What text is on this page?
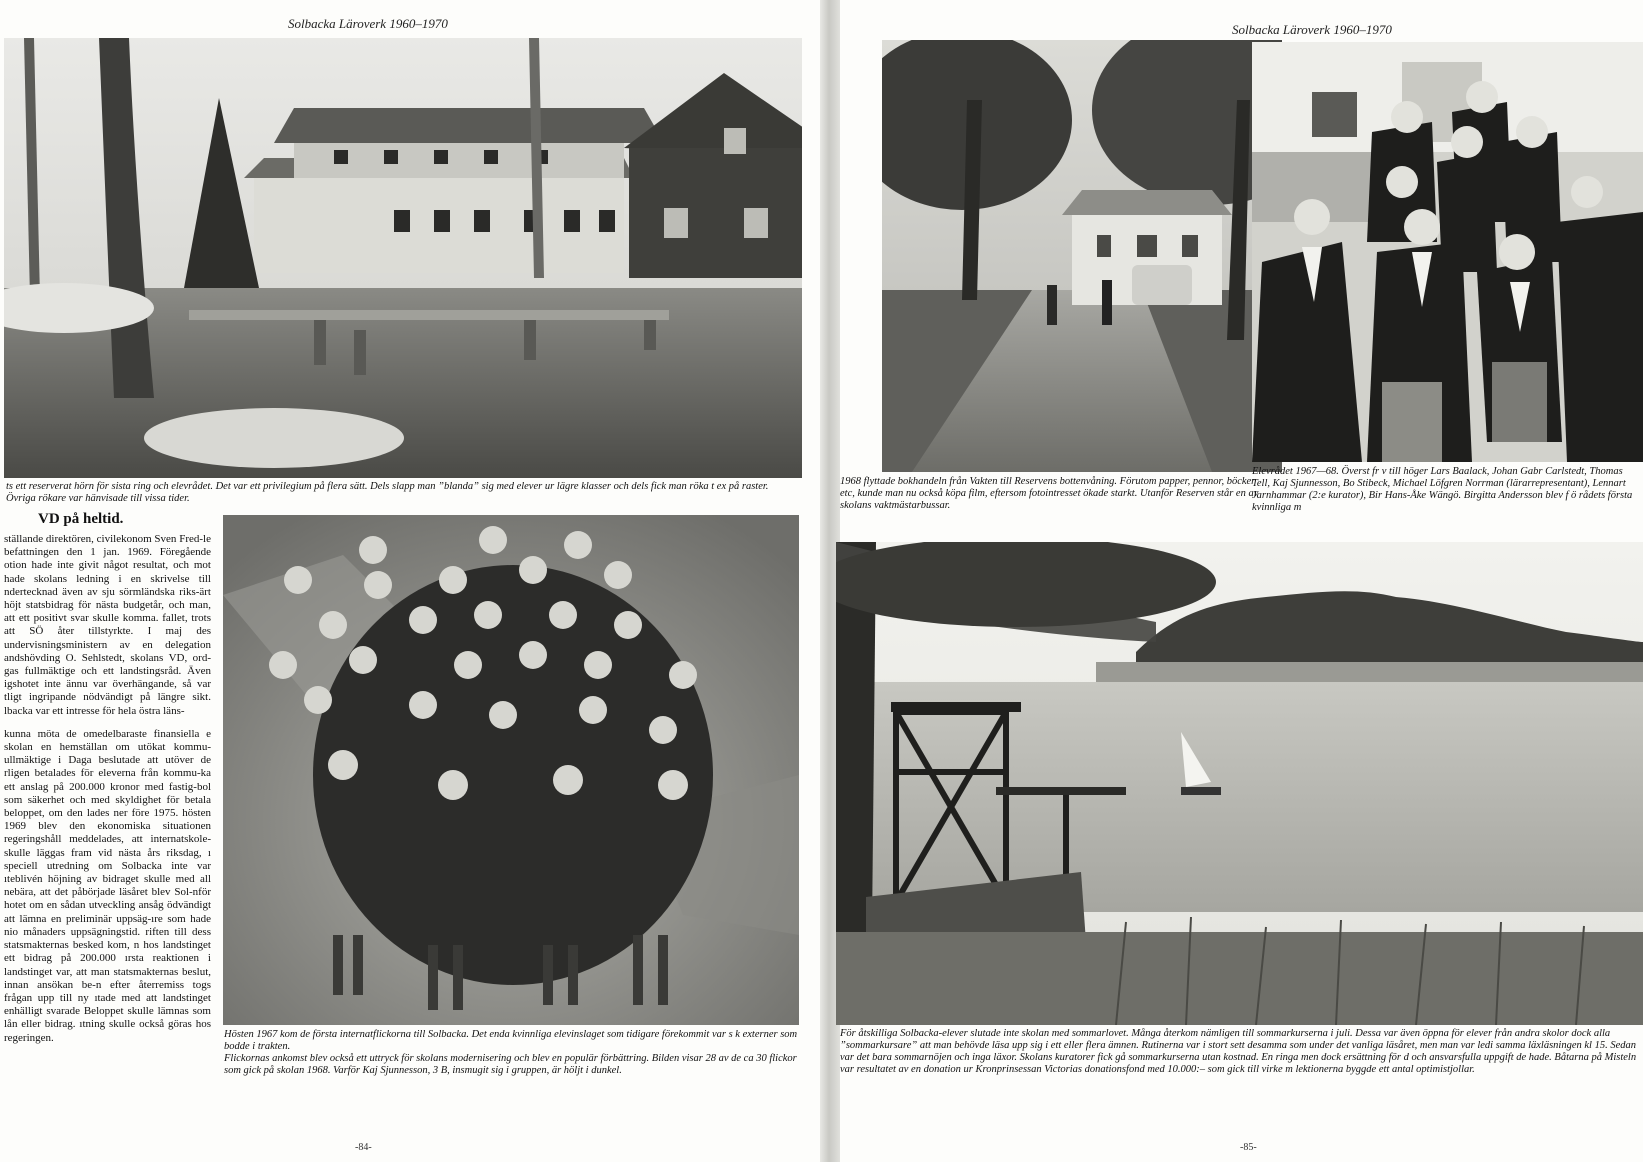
Solbacka Läroverk 1960–1970

ts ett reserverat hörn för sista ring och elevrådet. Det var ett privilegium på flera sätt. Dels slapp man ”blanda” sig med elever ur lägre klasser och dels fick man röka t ex på raster. Övriga rökare var hänvisade till vissa tider.

VD på heltid.

ställande direktören, civilekonom Sven Fred-le befattningen den 1 jan. 1969. Föregående otion hade inte givit något resultat, och mot hade skolans ledning i en skrivelse till ndertecknad även av sju sörmländska riks-ärt höjt statsbidrag för nästa budgetår, och man, att ett positivt svar skulle komma. fallet, trots att SÖ åter tillstyrkte. I maj des undervisningsministern av en delegation andshövding O. Sehlstedt, skolans VD, ord-gas fullmäktige och ett landstingsråd. Även igshotet inte ännu var överhängande, så var tligt ingripande nödvändigt på längre sikt. lbacka var ett intresse för hela östra läns-

kunna möta de omedelbaraste finansiella e skolan en hemställan om utökat kommu-ullmäktige i Daga beslutade att utöver de rligen betalades för eleverna från kommu-ka ett anslag på 200.000 kronor med fastig-bol som säkerhet och med skyldighet för betala beloppet, om den lades ner före 1975. hösten 1969 blev den ekonomiska situationen regeringshåll meddelades, att internatskole-skulle läggas fram vid nästa års riksdag, ı speciell utredning om Solbacka inte var ıteblivén höjning av bidraget skulle med all nebära, att det påbörjade läsåret blev Sol-nför hotet om en sådan utveckling ansåg ödvändigt att lämna en preliminär uppsäg-ıre som hade nio månaders uppsägningstid. riften till dess statsmakternas besked kom, n hos landstinget ett bidrag på 200.000 ırsta reaktionen i landstinget var, att man statsmakternas beslut, innan ansökan be-n efter återremiss togs frågan upp till ny ıtade med att landstinget enhälligt svarade Beloppet skulle lämnas som lån eller bidrag. ıtning skulle också göras hos regeringen.	Hösten 1967 kom de första internatflickorna till Solbacka. Det enda kvinnliga elevinslaget som tidigare förekommit var s k externer som bodde i trakten.

Flickornas ankomst blev också ett uttryck för skolans modernisering och blev en populär förbättring. Bilden visar 28 av de ca 30 flickor som gick på skolan 1968. Varför Kaj Sjunnesson, 3 B, insmugit sig i gruppen, är höljt i dunkel.

-84-
Solbacka Läroverk 1960–1970

1968 flyttade bokhandeln från Vakten till Reservens bottenvåning. Förutom papper, pennor, böcker etc, kunde man nu också köpa film, eftersom fotointresset ökade starkt. Utanför Reserven står en av skolans vaktmästarbussar.

Elevrådet 1967—68. Överst fr v till höger Lars Baalack, Johan Gabr Carlstedt, Thomas Tell, Kaj Sjunnesson, Bo Stibeck, Michael Löfgren Norrman (lärarrepresentant), Lennart Jarnhammar (2:e kurator), Bir Hans-Åke Wängö. Birgitta Andersson blev f ö rådets första kvinnliga m

För åtskilliga Solbacka-elever slutade inte skolan med sommarlovet. Många återkom nämligen till sommarkurserna i juli. Dessa var även öppna för elever från andra skolor dock alla ”sommarkursare” att man behövde läsa upp sig i ett eller flera ämnen. Rutinerna var i stort sett desamma som under det vanliga läsåret, men man var ledi samma läxläsningen kl 15. Sedan var det bara sommarnöjen och inga läxor. Skolans kuratorer fick gå sommarkurserna utan kostnad. En ringa men dock ersättning för d och ansvarsfulla uppgift de hade. Båtarna på Misteln var resultatet av en donation ur Kronprinsessan Victorias donationsfond med 10.000:– som gick till virke m lektionerna byggde ett antal optimistjollar.

-85-
